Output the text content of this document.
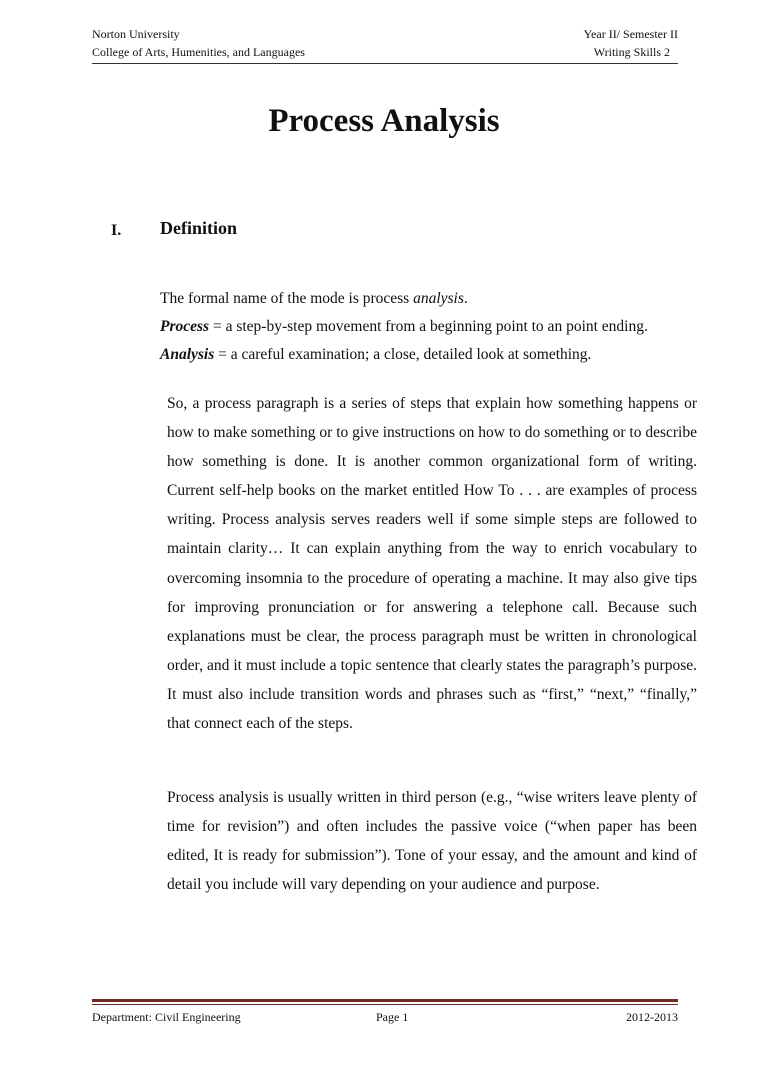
Norton University
College of Arts, Humenities, and Languages
Year II/ Semester II
Writing Skills 2
Process Analysis
I. Definition
The formal name of the mode is process analysis.
Process = a step-by-step movement from a beginning point to an point ending.
Analysis = a careful examination; a close, detailed look at something.
So, a process paragraph is a series of steps that explain how something happens or how to make something or to give instructions on how to do something or to describe how something is done. It is another common organizational form of writing. Current self-help books on the market entitled How To . . . are examples of process writing. Process analysis serves readers well if some simple steps are followed to maintain clarity… It can explain anything from the way to enrich vocabulary to overcoming insomnia to the procedure of operating a machine. It may also give tips for improving pronunciation or for answering a telephone call. Because such explanations must be clear, the process paragraph must be written in chronological order, and it must include a topic sentence that clearly states the paragraph’s purpose. It must also include transition words and phrases such as “first,” “next,” “finally,” that connect each of the steps.
Process analysis is usually written in third person (e.g., “wise writers leave plenty of time for revision”) and often includes the passive voice (“when paper has been edited, It is ready for submission”). Tone of your essay, and the amount and kind of detail you include will vary depending on your audience and purpose.
Department: Civil Engineering	Page 1	2012-2013
